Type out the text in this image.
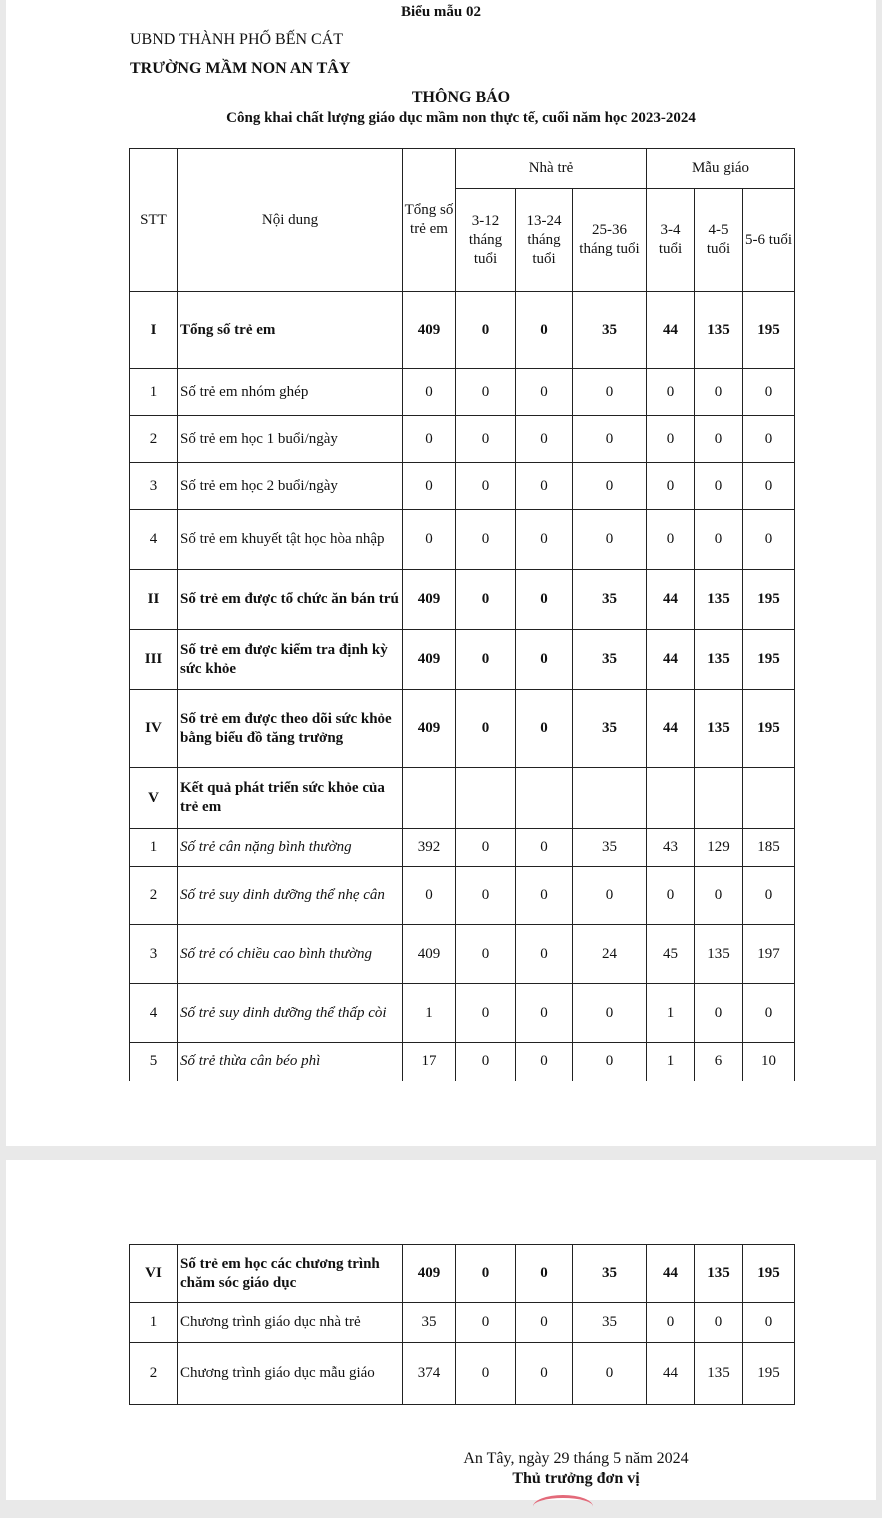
Biểu mẫu 02
UBND THÀNH PHỐ BẾN CÁT
TRƯỜNG MẦM NON AN TÂY
THÔNG BÁO
Công khai chất lượng giáo dục mầm non thực tế, cuối năm học 2023-2024
STT	Nội dung	Tổng số trẻ em	Nhà trẻ			Mẫu giáo		
			3-12 tháng tuổi	13-24 tháng tuổi	25-36 tháng tuổi	3-4 tuổi	4-5 tuổi	5-6 tuổi
I	Tổng số trẻ em	409	0	0	35	44	135	195
1	Số trẻ em nhóm ghép	0	0	0	0	0	0	0
2	Số trẻ em học 1 buổi/ngày	0	0	0	0	0	0	0
3	Số trẻ em học 2 buổi/ngày	0	0	0	0	0	0	0
4	Số trẻ em khuyết tật học hòa nhập	0	0	0	0	0	0	0
II	Số trẻ em được tổ chức ăn bán trú	409	0	0	35	44	135	195
III	Số trẻ em được kiểm tra định kỳ sức khỏe	409	0	0	35	44	135	195
IV	Số trẻ em được theo dõi sức khỏe bằng biểu đồ tăng trưởng	409	0	0	35	44	135	195
V	Kết quả phát triển sức khỏe của trẻ em							
1	Số trẻ cân nặng bình thường	392	0	0	35	43	129	185
2	Số trẻ suy dinh dưỡng thể nhẹ cân	0	0	0	0	0	0	0
3	Số trẻ có chiều cao bình thường	409	0	0	24	45	135	197
4	Số trẻ suy dinh dưỡng thể thấp còi	1	0	0	0	1	0	0
5	Số trẻ thừa cân béo phì	17	0	0	0	1	6	10
VI	Số trẻ em học các chương trình chăm sóc giáo dục	409	0	0	35	44	135	195
1	Chương trình giáo dục nhà trẻ	35	0	0	35	0	0	0
2	Chương trình giáo dục mẫu giáo	374	0	0	0	44	135	195
An Tây, ngày 29 tháng 5 năm 2024
Thủ trưởng đơn vị
